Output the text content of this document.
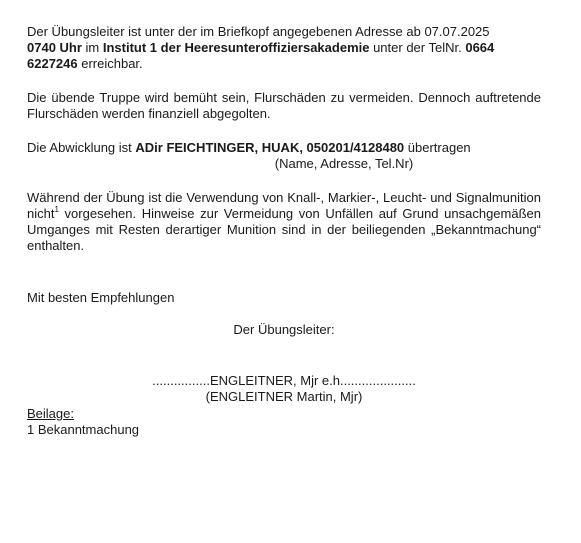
Der Übungsleiter ist unter der im Briefkopf angegebenen Adresse ab 07.07.2025
0740 Uhr im Institut 1 der Heeresunteroffiziersakademie unter der TelNr. 0664
6227246 erreichbar.

Die übende Truppe wird bemüht sein, Flurschäden zu vermeiden. Dennoch auftretende Flurschäden werden finanziell abgegolten.

Die Abwicklung ist ADir FEICHTINGER, HUAK, 050201/4128480 übertragen

(Name, Adresse, Tel.Nr)

Während der Übung ist die Verwendung von Knall-, Markier-, Leucht- und Signalmunition nicht$^1$ vorgesehen. Hinweise zur Vermeidung von Unfällen auf Grund unsachgemäßen Umganges mit Resten derartiger Munition sind in der beiliegenden „Bekanntmachung“ enthalten.

Mit besten Empfehlungen

Der Übungsleiter:

................ENGLEITNER, Mjr e.h.....................

(ENGLEITNER Martin, Mjr)

Beilage:

1 Bekanntmachung
